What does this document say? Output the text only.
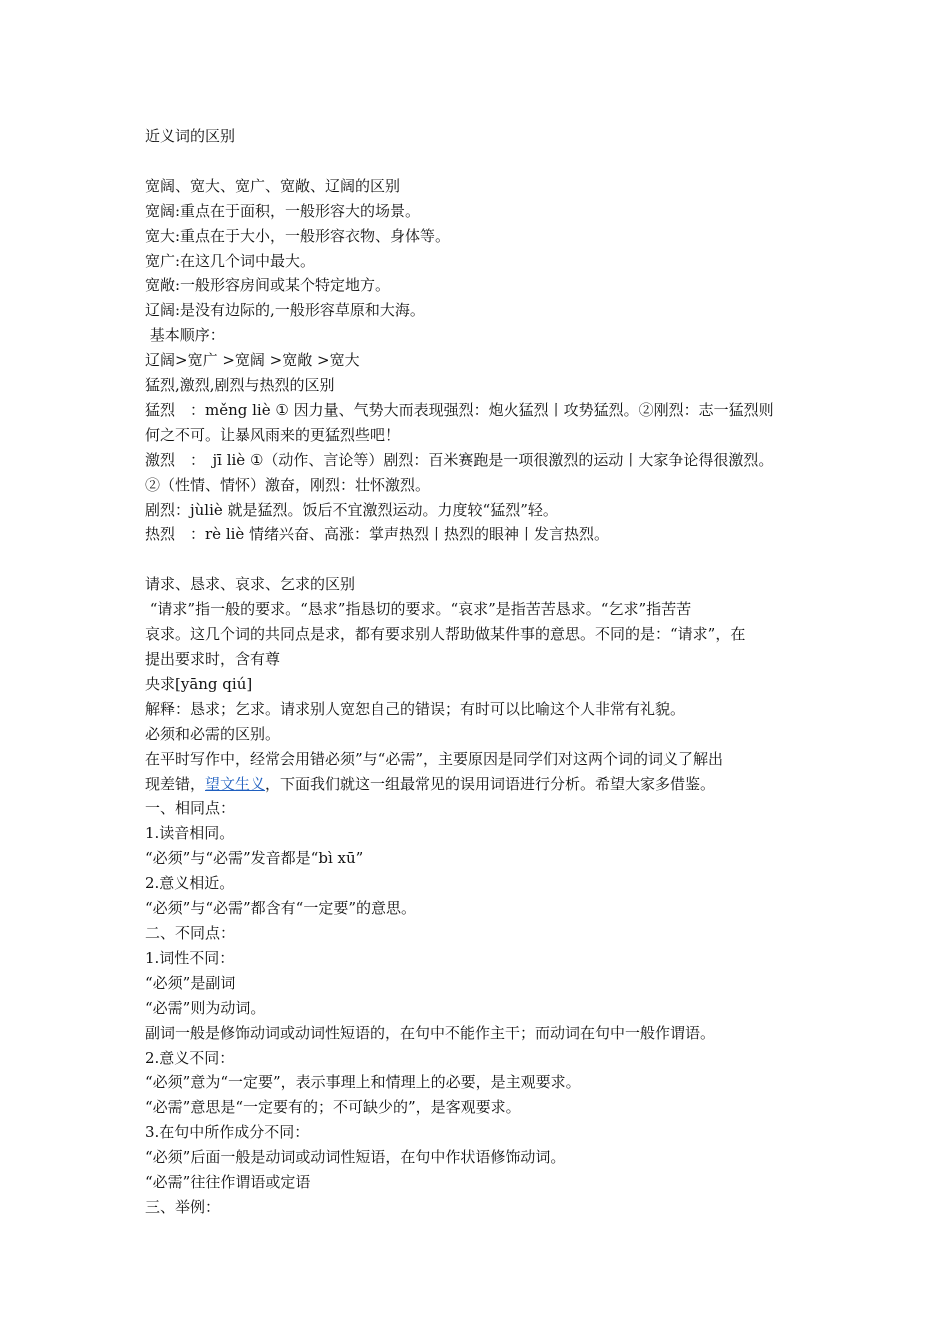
近义词的区别
宽阔、宽大、宽广、宽敞、辽阔的区别
宽阔:重点在于面积，一般形容大的场景。
宽大:重点在于大小，一般形容衣物、身体等。
宽广:在这几个词中最大。
宽敞:一般形容房间或某个特定地方。
辽阔:是没有边际的,一般形容草原和大海。
基本顺序：
辽阔>宽广 >宽阔 >宽敞 >宽大
猛烈,激烈,剧烈与热烈的区别
猛烈　：měng liè ① 因力量、气势大而表现强烈：炮火猛烈丨攻势猛烈。②刚烈：志一猛烈则
何之不可。让暴风雨来的更猛烈些吧！
激烈　：　jī liè ①（动作、言论等）剧烈：百米赛跑是一项很激烈的运动丨大家争论得很激烈。
②（性情、情怀）激奋，刚烈：壮怀激烈。
剧烈：jùliè 就是猛烈。饭后不宜激烈运动。力度较“猛烈”轻。
热烈　：rè liè 情绪兴奋、高涨：掌声热烈丨热烈的眼神丨发言热烈。
请求、恳求、哀求、乞求的区别
“请求”指一般的要求。“恳求”指恳切的要求。“哀求”是指苦苦恳求。“乞求”指苦苦
哀求。这几个词的共同点是求，都有要求别人帮助做某件事的意思。不同的是：“请求”，在
提出要求时，含有尊
央求[yāng qiú]
解释：恳求；乞求。请求别人宽恕自己的错误；有时可以比喻这个人非常有礼貌。
必须和必需的区别。
在平时写作中，经常会用错必须”与“必需”，主要原因是同学们对这两个词的词义了解出
现差错，望文生义，下面我们就这一组最常见的误用词语进行分析。希望大家多借鉴。
一、相同点：
1.读音相同。
“必须”与“必需”发音都是“bì xū”
2.意义相近。
“必须”与“必需”都含有“一定要”的意思。
二、不同点：
1.词性不同：
“必须”是副词
“必需”则为动词。
副词一般是修饰动词或动词性短语的，在句中不能作主干；而动词在句中一般作谓语。
2.意义不同：
“必须”意为“一定要”，表示事理上和情理上的必要，是主观要求。
“必需”意思是“一定要有的；不可缺少的”，是客观要求。
3.在句中所作成分不同：
“必须”后面一般是动词或动词性短语，在句中作状语修饰动词。
“必需”往往作谓语或定语
三、举例：
